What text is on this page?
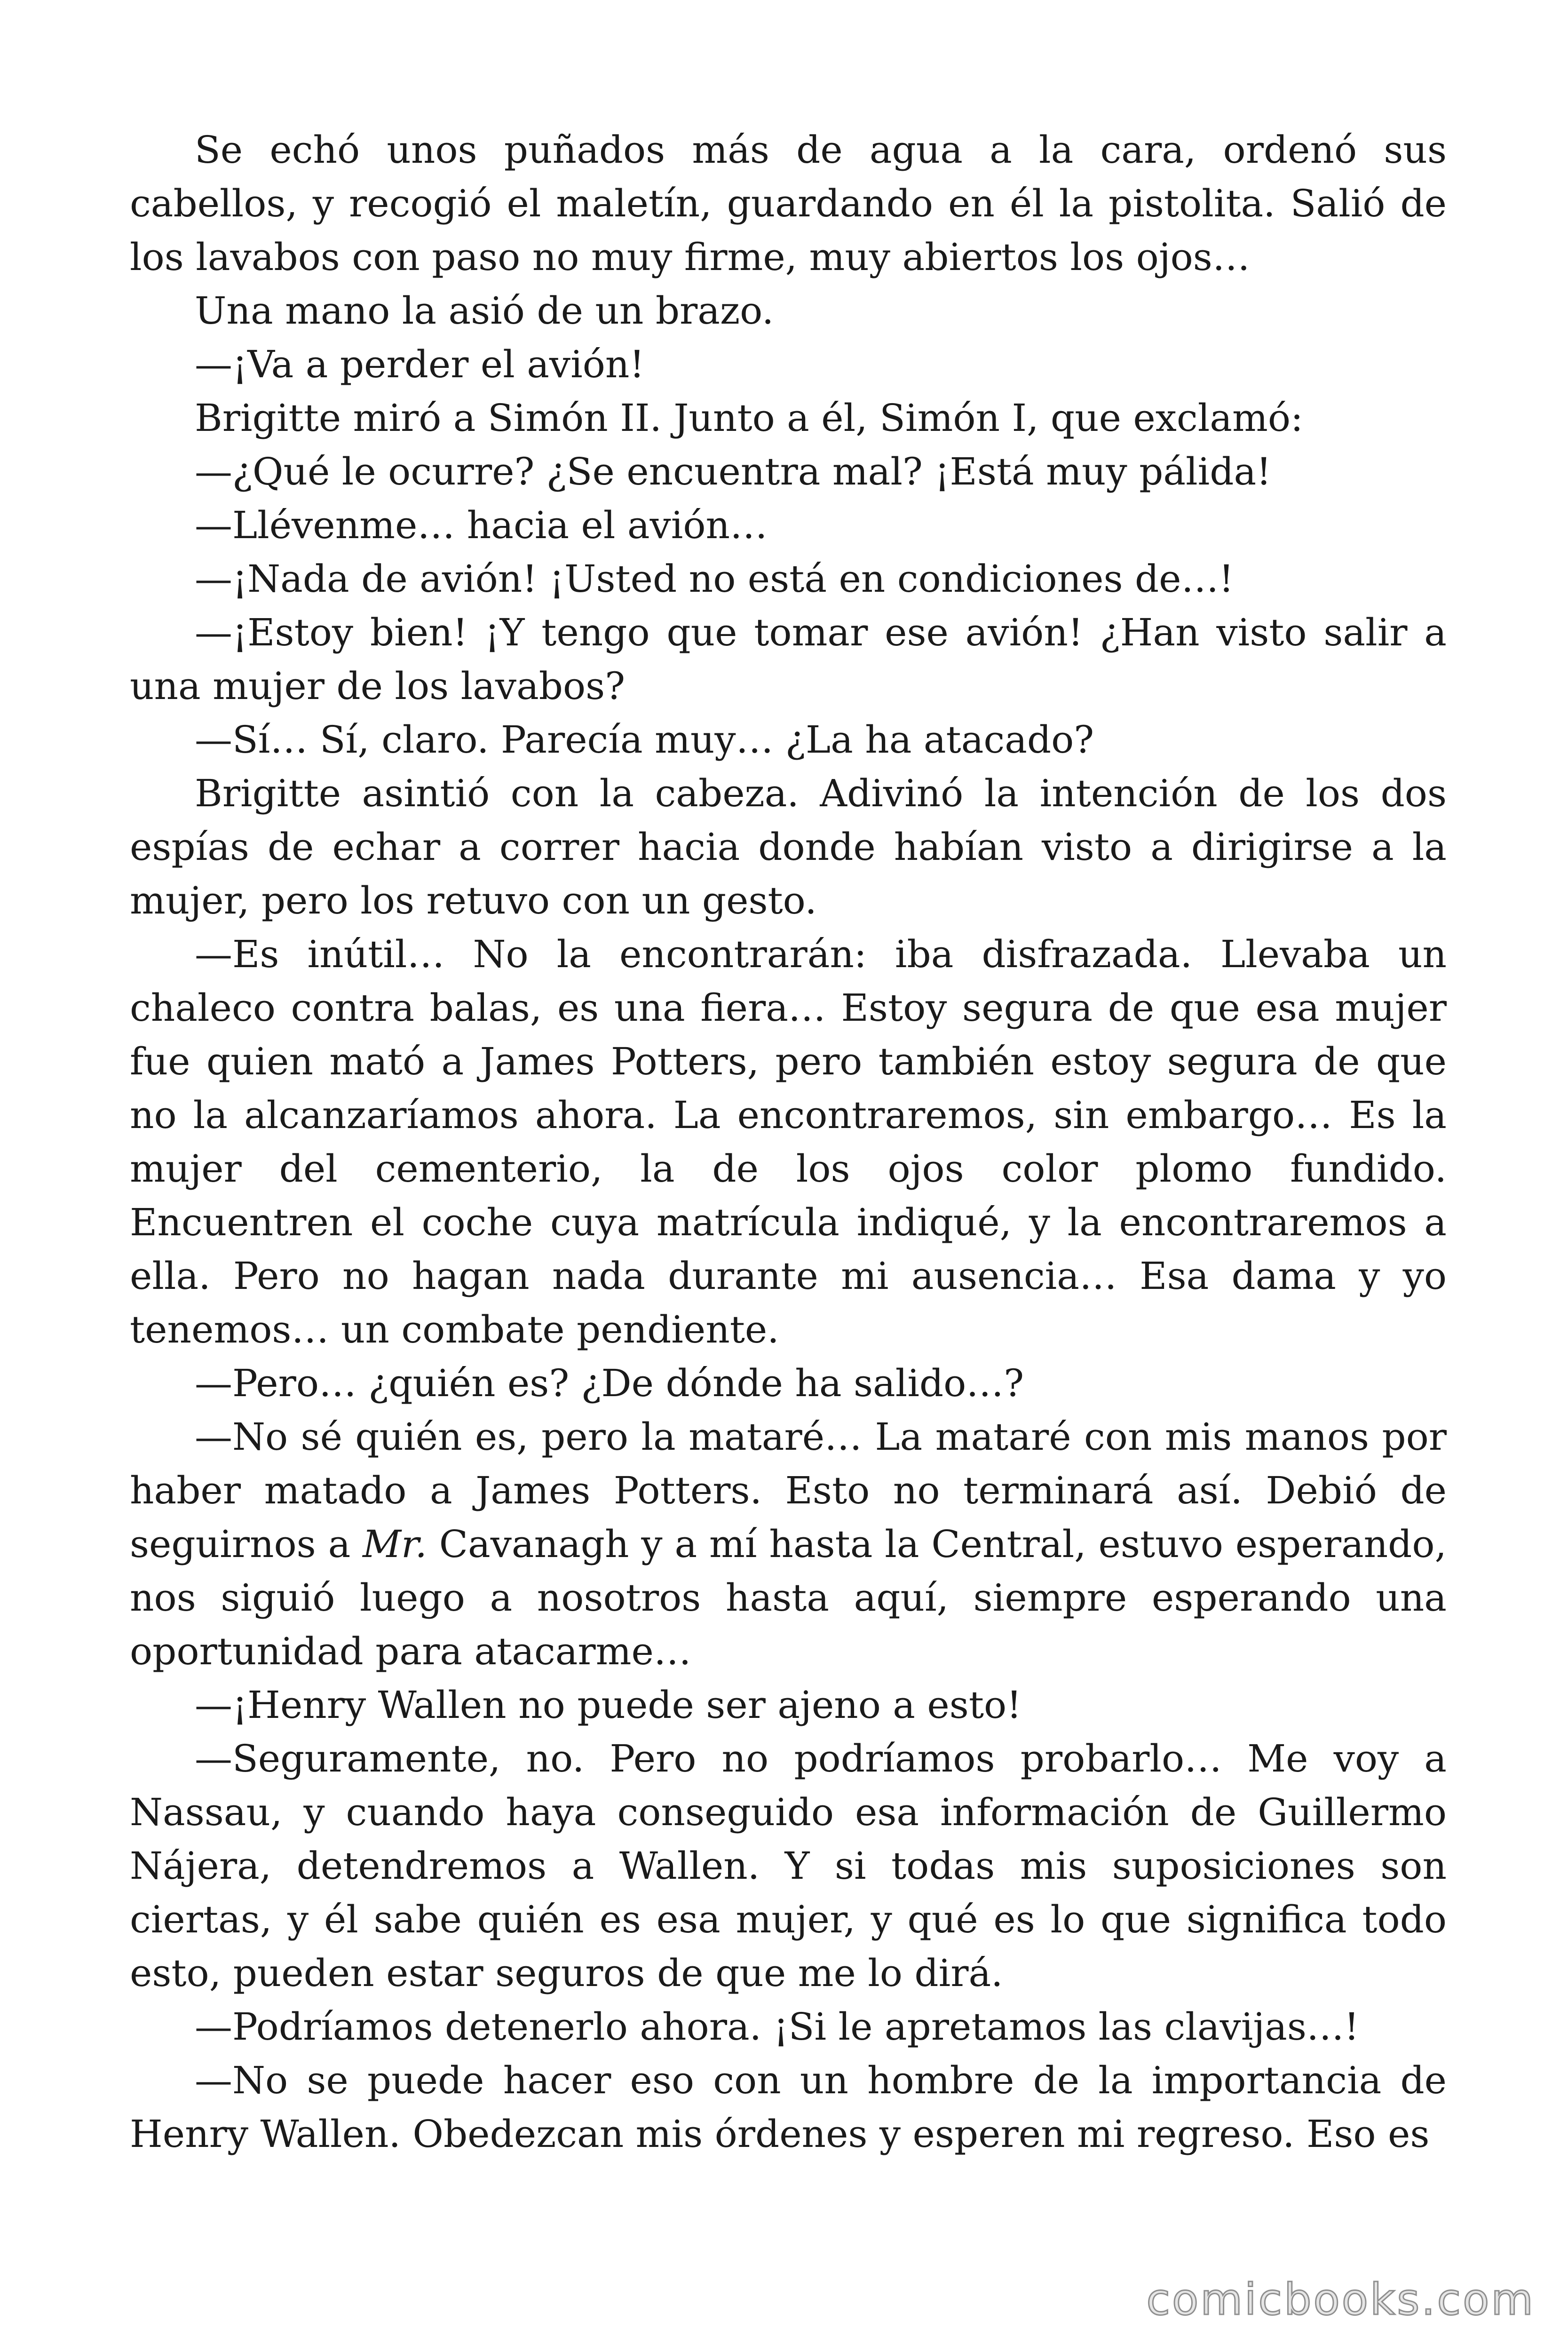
Se echó unos puñados más de agua a la cara, ordenó sus cabellos, y recogió el maletín, guardando en él la pistolita. Salió de los lavabos con paso no muy firme, muy abiertos los ojos…

Una mano la asió de un brazo.

—¡Va a perder el avión!

Brigitte miró a Simón II. Junto a él, Simón I, que exclamó:

—¿Qué le ocurre? ¿Se encuentra mal? ¡Está muy pálida!

—Llévenme… hacia el avión…

—¡Nada de avión! ¡Usted no está en condiciones de…!

—¡Estoy bien! ¡Y tengo que tomar ese avión! ¿Han visto salir a una mujer de los lavabos?

—Sí… Sí, claro. Parecía muy… ¿La ha atacado?

Brigitte asintió con la cabeza. Adivinó la intención de los dos espías de echar a correr hacia donde habían visto a dirigirse a la mujer, pero los retuvo con un gesto.

—Es inútil… No la encontrarán: iba disfrazada. Llevaba un chaleco contra balas, es una fiera… Estoy segura de que esa mujer fue quien mató a James Potters, pero también estoy segura de que no la alcanzaríamos ahora. La encontraremos, sin embargo… Es la mujer del cementerio, la de los ojos color plomo fundido. Encuentren el coche cuya matrícula indiqué, y la encontraremos a ella. Pero no hagan nada durante mi ausencia… Esa dama y yo tenemos… un combate pendiente.

—Pero… ¿quién es? ¿De dónde ha salido…?

—No sé quién es, pero la mataré… La mataré con mis manos por haber matado a James Potters. Esto no terminará así. Debió de seguirnos a Mr. Cavanagh y a mí hasta la Central, estuvo esperando, nos siguió luego a nosotros hasta aquí, siempre esperando una oportunidad para atacarme…

—¡Henry Wallen no puede ser ajeno a esto!

—Seguramente, no. Pero no podríamos probarlo… Me voy a Nassau, y cuando haya conseguido esa información de Guillermo Nájera, detendremos a Wallen. Y si todas mis suposiciones son ciertas, y él sabe quién es esa mujer, y qué es lo que significa todo esto, pueden estar seguros de que me lo dirá.

—Podríamos detenerlo ahora. ¡Si le apretamos las clavijas…!

—No se puede hacer eso con un hombre de la importancia de Henry Wallen. Obedezcan mis órdenes y esperen mi regreso. Eso es

comicbooks.com
